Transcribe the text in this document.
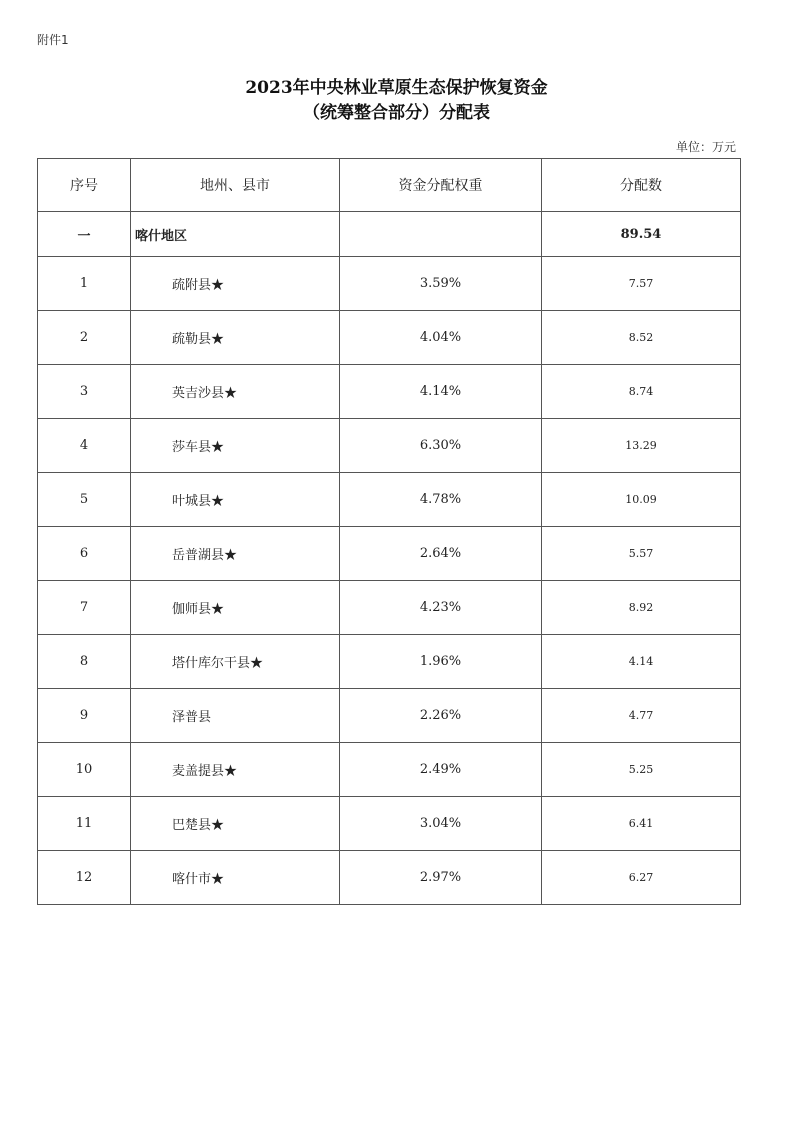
附件1
2023年中央林业草原生态保护恢复资金
（统筹整合部分）分配表
单位：万元
序号	地州、县市	资金分配权重	分配数
一	喀什地区		89.54
1	疏附县★	3.59%	7.57
2	疏勒县★	4.04%	8.52
3	英吉沙县★	4.14%	8.74
4	莎车县★	6.30%	13.29
5	叶城县★	4.78%	10.09
6	岳普湖县★	2.64%	5.57
7	伽师县★	4.23%	8.92
8	塔什库尔干县★	1.96%	4.14
9	泽普县	2.26%	4.77
10	麦盖提县★	2.49%	5.25
11	巴楚县★	3.04%	6.41
12	喀什市★	2.97%	6.27
